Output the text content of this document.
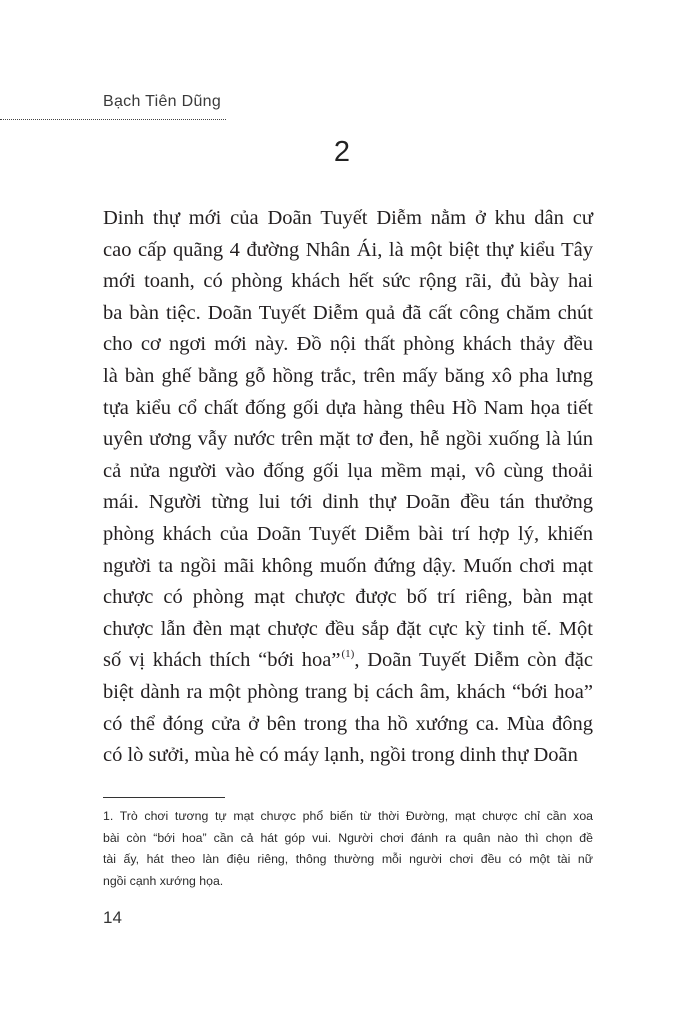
Bạch Tiên Dũng
2
Dinh thự mới của Doãn Tuyết Diễm nằm ở khu dân cư
cao cấp quãng 4 đường Nhân Ái, là một biệt thự kiểu Tây
mới toanh, có phòng khách hết sức rộng rãi, đủ bày hai
ba bàn tiệc. Doãn Tuyết Diễm quả đã cất công chăm chút
cho cơ ngơi mới này. Đồ nội thất phòng khách thảy đều
là bàn ghế bằng gỗ hồng trắc, trên mấy băng xô pha lưng
tựa kiểu cổ chất đống gối dựa hàng thêu Hồ Nam họa tiết
uyên ương vẫy nước trên mặt tơ đen, hễ ngồi xuống là lún
cả nửa người vào đống gối lụa mềm mại, vô cùng thoải
mái. Người từng lui tới dinh thự Doãn đều tán thưởng
phòng khách của Doãn Tuyết Diễm bài trí hợp lý, khiến
người ta ngồi mãi không muốn đứng dậy. Muốn chơi mạt
chược có phòng mạt chược được bố trí riêng, bàn mạt
chược lẫn đèn mạt chược đều sắp đặt cực kỳ tinh tế. Một
số vị khách thích “bới hoa”$^{(1)}$, Doãn Tuyết Diễm còn đặc
biệt dành ra một phòng trang bị cách âm, khách “bới hoa”
có thể đóng cửa ở bên trong tha hồ xướng ca. Mùa đông
có lò sưởi, mùa hè có máy lạnh, ngồi trong dinh thự Doãn
1. Trò chơi tương tự mạt chược phổ biến từ thời Đường, mạt chược chỉ cần xoa
bài còn “bới hoa” cần cả hát góp vui. Người chơi đánh ra quân nào thì chọn đề
tài ấy, hát theo làn điệu riêng, thông thường mỗi người chơi đều có một tài nữ
ngồi cạnh xướng họa.
14
